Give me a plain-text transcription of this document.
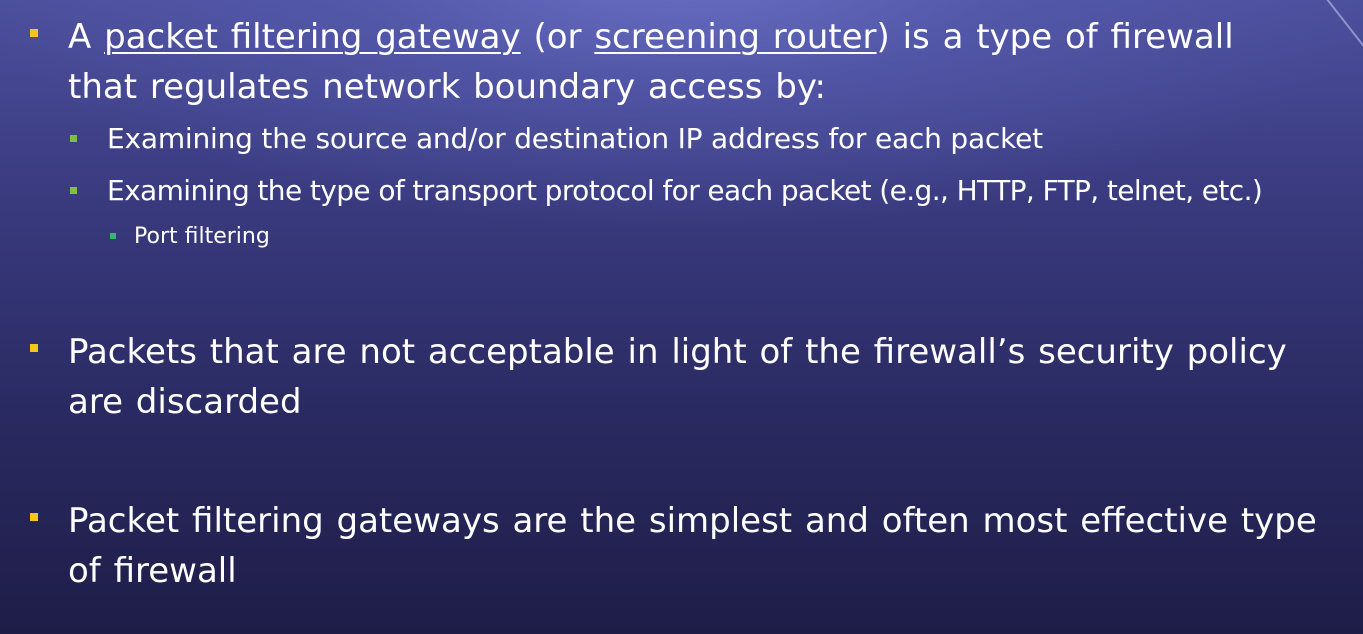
A packet filtering gateway (or screening router) is a type of firewall that regulates network boundary access by:
Examining the source and/or destination IP address for each packet
Examining the type of transport protocol for each packet (e.g., HTTP, FTP, telnet, etc.)
Port filtering
Packets that are not acceptable in light of the firewall’s security policy are discarded
Packet filtering gateways are the simplest and often most effective type of firewall
